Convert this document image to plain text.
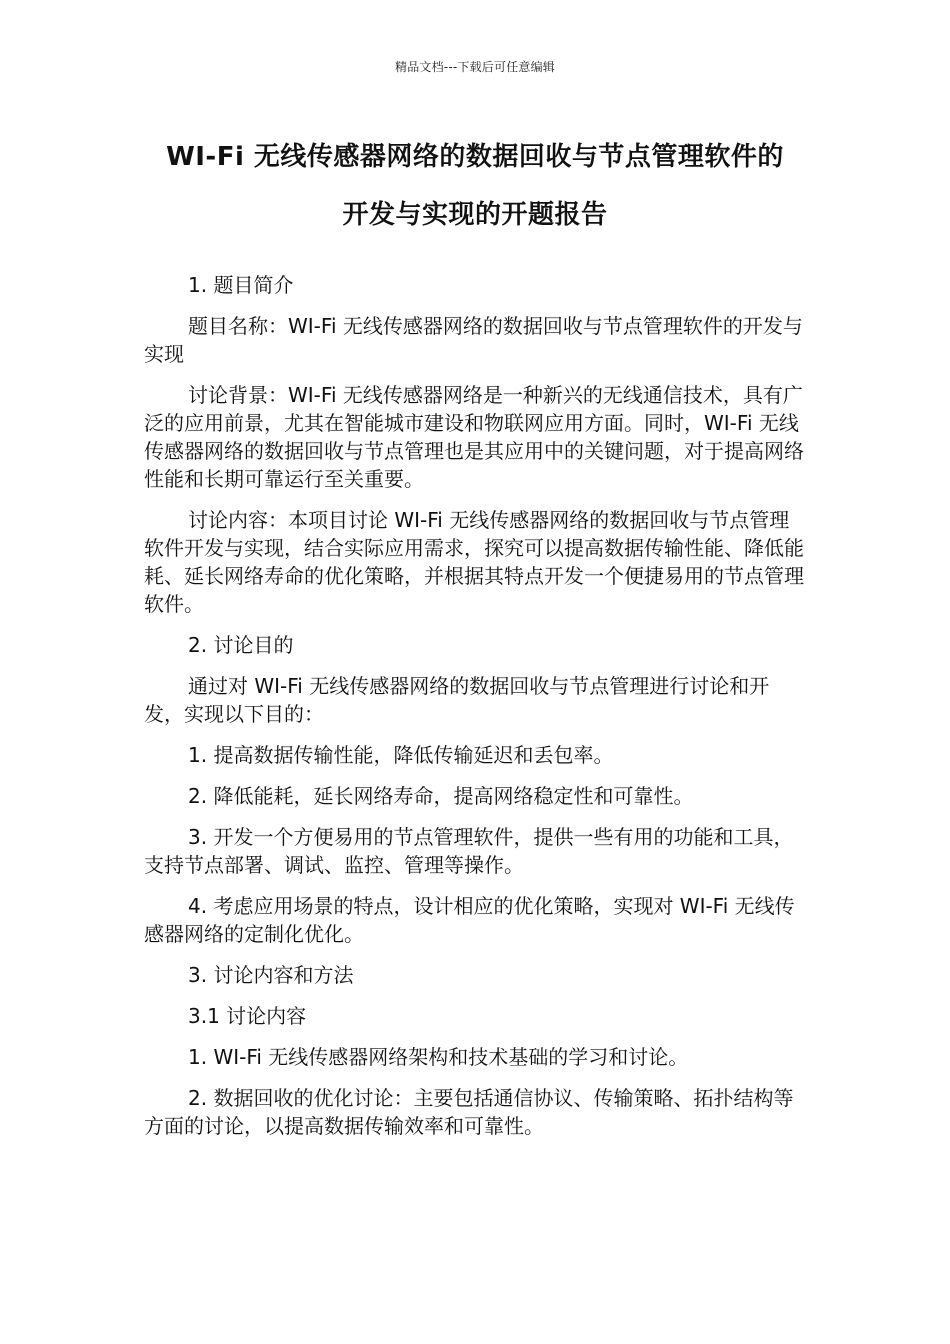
精品文档---下载后可任意编辑
WI-Fi 无线传感器网络的数据回收与节点管理软件的
开发与实现的开题报告

1. 题目简介

题目名称：WI-Fi 无线传感器网络的数据回收与节点管理软件的开发与实现

讨论背景：WI-Fi 无线传感器网络是一种新兴的无线通信技术，具有广泛的应用前景，尤其在智能城市建设和物联网应用方面。同时，WI-Fi 无线传感器网络的数据回收与节点管理也是其应用中的关键问题，对于提高网络性能和长期可靠运行至关重要。

讨论内容：本项目讨论 WI-Fi 无线传感器网络的数据回收与节点管理软件开发与实现，结合实际应用需求，探究可以提高数据传输性能、降低能耗、延长网络寿命的优化策略，并根据其特点开发一个便捷易用的节点管理软件。

2. 讨论目的

通过对 WI-Fi 无线传感器网络的数据回收与节点管理进行讨论和开发，实现以下目的：

1. 提高数据传输性能，降低传输延迟和丢包率。

2. 降低能耗，延长网络寿命，提高网络稳定性和可靠性。

3. 开发一个方便易用的节点管理软件，提供一些有用的功能和工具，支持节点部署、调试、监控、管理等操作。

4. 考虑应用场景的特点，设计相应的优化策略，实现对 WI-Fi 无线传感器网络的定制化优化。

3. 讨论内容和方法

3.1 讨论内容

1. WI-Fi 无线传感器网络架构和技术基础的学习和讨论。

2. 数据回收的优化讨论：主要包括通信协议、传输策略、拓扑结构等方面的讨论，以提高数据传输效率和可靠性。
